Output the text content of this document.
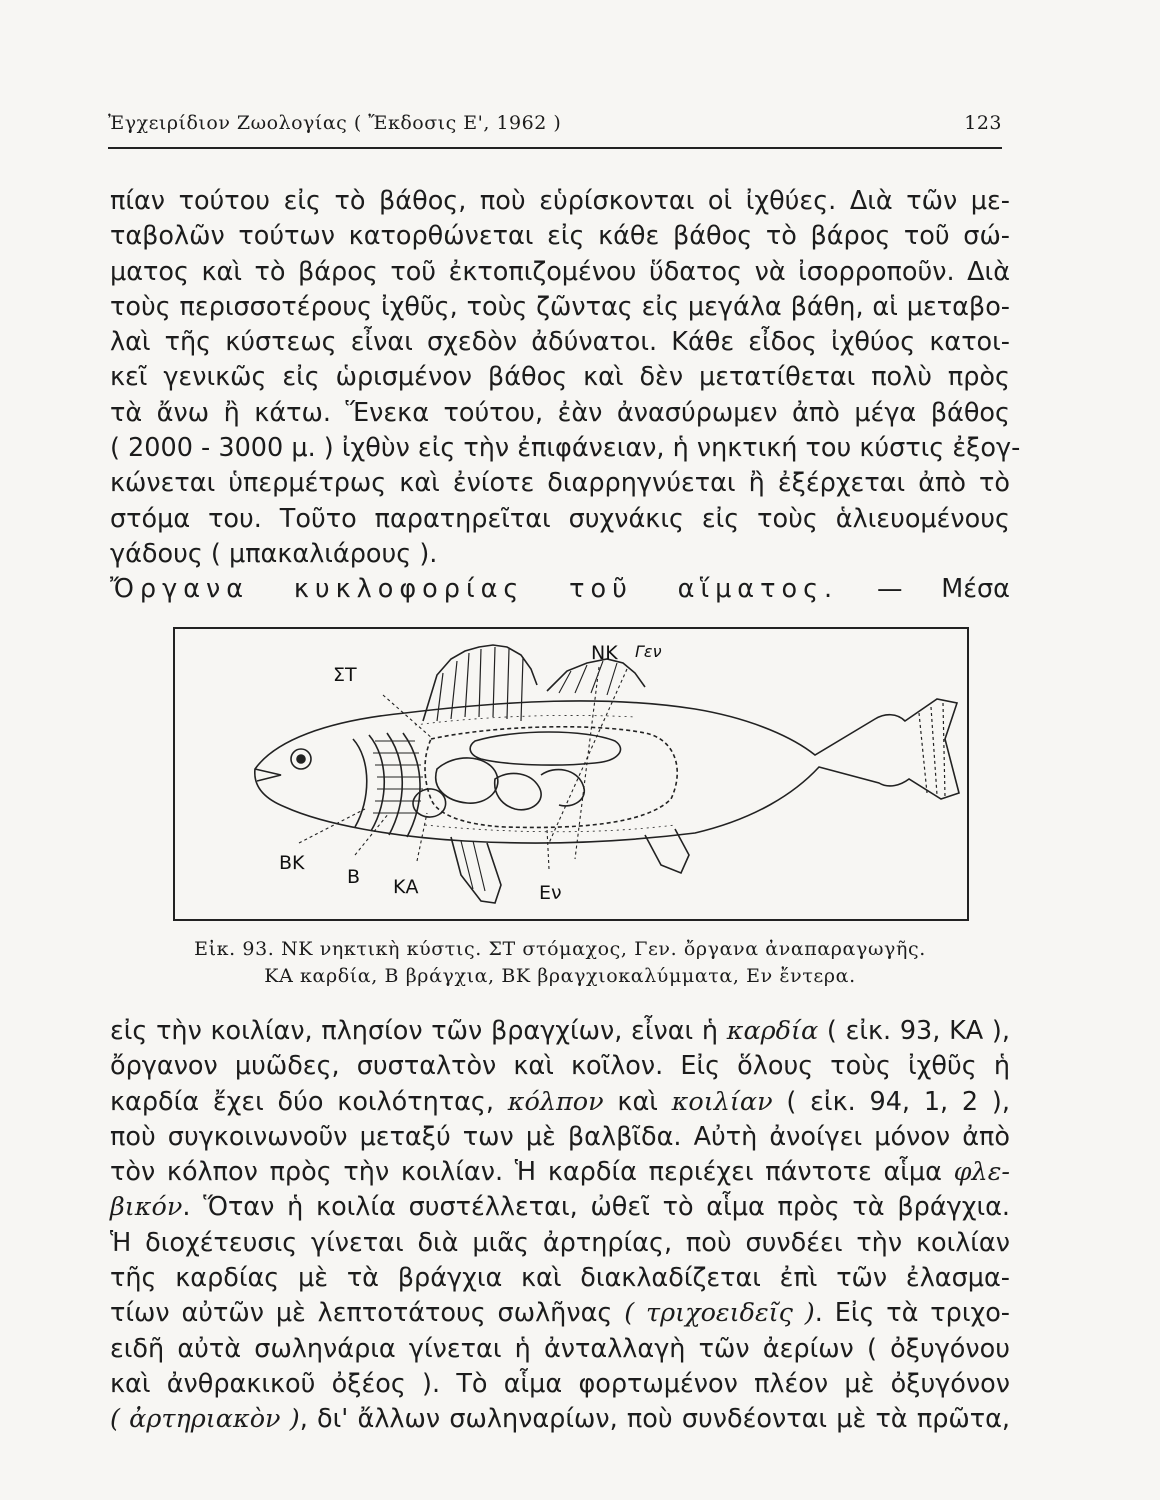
Ἐγχειρίδιον Ζωολογίας ( Ἔκδοσις Ε', 1962 )	123
πίαν τούτου εἰς τὸ βάθος, ποὺ εὑρίσκονται οἱ ἰχθύες. Διὰ τῶν με-
ταβολῶν τούτων κατορθώνεται εἰς κάθε βάθος τὸ βάρος τοῦ σώ-
ματος καὶ τὸ βάρος τοῦ ἐκτοπιζομένου ὕδατος νὰ ἰσορροποῦν. Διὰ
τοὺς περισσοτέρους ἰχθῦς, τοὺς ζῶντας εἰς μεγάλα βάθη, αἱ μεταβο-
λαὶ τῆς κύστεως εἶναι σχεδὸν ἀδύνατοι. Κάθε εἶδος ἰχθύος κατοι-
κεῖ γενικῶς εἰς ὡρισμένον βάθος καὶ δὲν μετατίθεται πολὺ πρὸς
τὰ ἄνω ἢ κάτω. Ἕνεκα τούτου, ἐὰν ἀνασύρωμεν ἀπὸ μέγα βάθος
( 2000 - 3000 μ. ) ἰχθὺν εἰς τὴν ἐπιφάνειαν, ἡ νηκτική του κύστις ἐξογ-
κώνεται ὑπερμέτρως καὶ ἐνίοτε διαρρηγνύεται ἢ ἐξέρχεται ἀπὸ τὸ
στόμα του. Τοῦτο παρατηρεῖται συχνάκις εἰς τοὺς ἁλιευομένους
γάδους ( μπακαλιάρους ).
Ὄργανα κυκλοφορίας τοῦ αἵματος. — Μέσα
ΣΤ
ΝΚ Γεν
ΒΚ
Β ΚΑ	Εν
Εἰκ. 93. ΝΚ νηκτικὴ κύστις. ΣΤ στόμαχος, Γεν. ὄργανα ἀναπαραγωγῆς.
ΚΑ καρδία, Β βράγχια, ΒΚ βραγχιοκαλύμματα, Εν ἔντερα.
εἰς τὴν κοιλίαν, πλησίον τῶν βραγχίων, εἶναι ἡ καρδία ( εἰκ. 93, ΚΑ ),
ὄργανον μυῶδες, συσταλτὸν καὶ κοῖλον. Εἰς ὅλους τοὺς ἰχθῦς ἡ
καρδία ἔχει δύο κοιλότητας, κόλπον καὶ κοιλίαν ( εἰκ. 94, 1, 2 ),
ποὺ συγκοινωνοῦν μεταξύ των μὲ βαλβῖδα. Αὐτὴ ἀνοίγει μόνον ἀπὸ
τὸν κόλπον πρὸς τὴν κοιλίαν. Ἡ καρδία περιέχει πάντοτε αἷμα φλε-
βικόν. Ὅταν ἡ κοιλία συστέλλεται, ὠθεῖ τὸ αἷμα πρὸς τὰ βράγχια.
Ἡ διοχέτευσις γίνεται διὰ μιᾶς ἀρτηρίας, ποὺ συνδέει τὴν κοιλίαν
τῆς καρδίας μὲ τὰ βράγχια καὶ διακλαδίζεται ἐπὶ τῶν ἐλασμα-
τίων αὐτῶν μὲ λεπτοτάτους σωλῆνας ( τριχοειδεῖς ). Εἰς τὰ τριχο-
ειδῆ αὐτὰ σωληνάρια γίνεται ἡ ἀνταλλαγὴ τῶν ἀερίων ( ὀξυγόνου
καὶ ἀνθρακικοῦ ὀξέος ). Τὸ αἷμα φορτωμένον πλέον μὲ ὀξυγόνον
( ἀρτηριακὸν ), δι' ἄλλων σωληναρίων, ποὺ συνδέονται μὲ τὰ πρῶτα,
